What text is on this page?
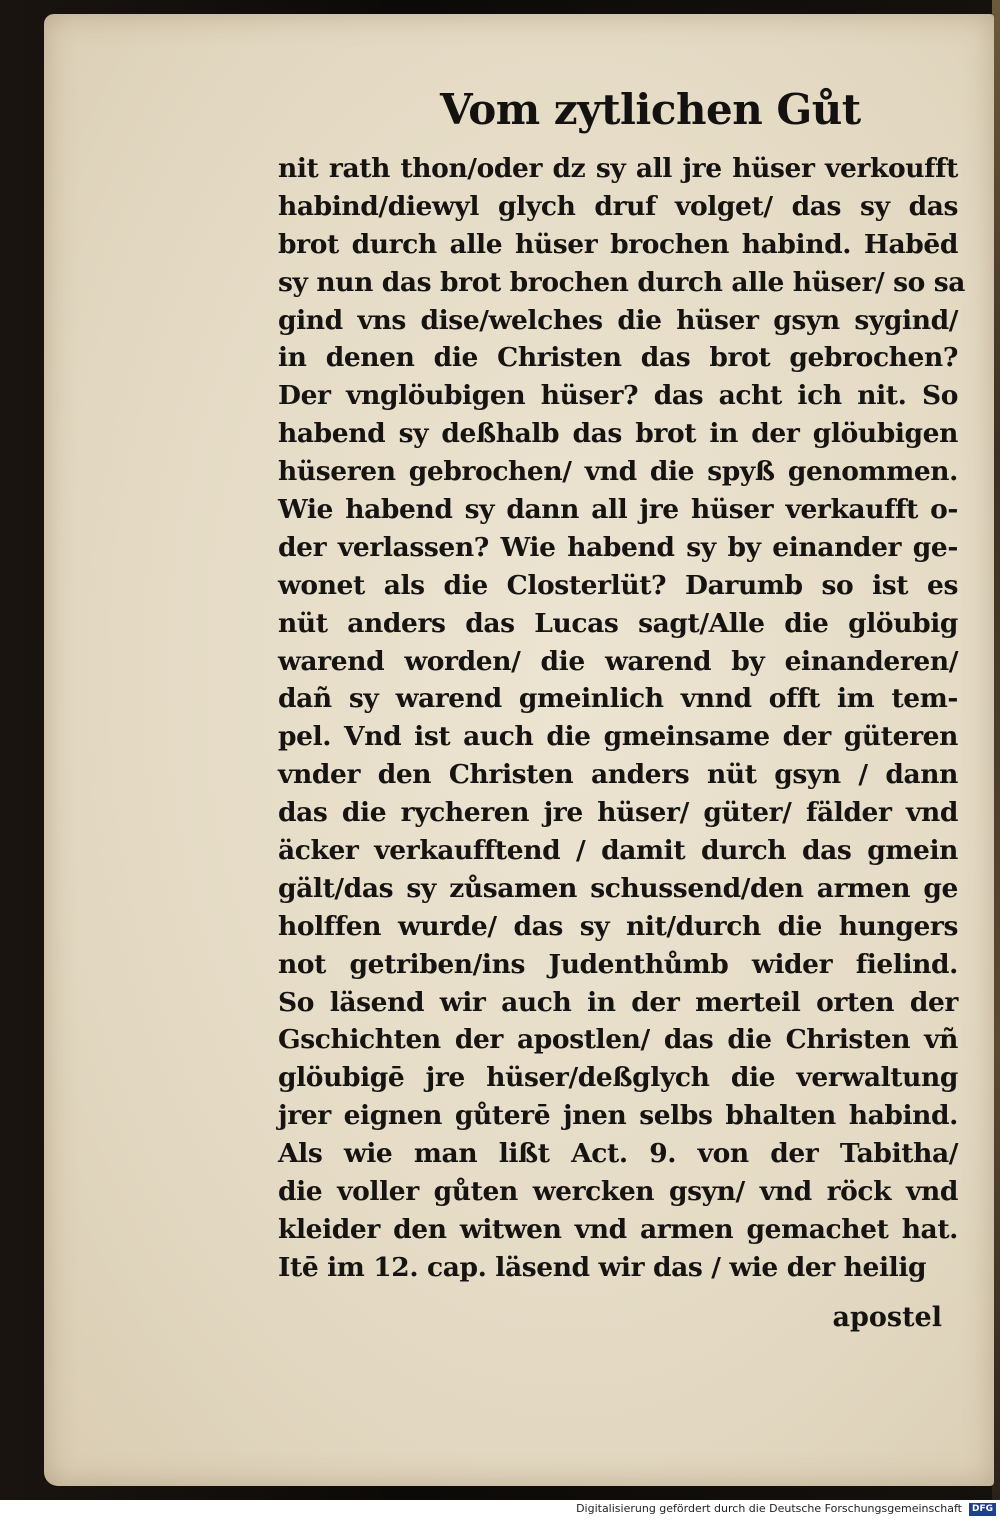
Vom zytlichen Gůt
nit rath thon/oder dz sy all jre hüser verkoufft
habind/diewyl glych druf volget/ das sy das
brot durch alle hüser brochen habind. Habēd
sy nun das brot brochen durch alle hüser/ so sa
gind vns dise/welches die hüser gsyn sygind/
in denen die Christen das brot gebrochen?
Der vnglöubigen hüser? das acht ich nit. So
habend sy deßhalb das brot in der glöubigen
hüseren gebrochen/ vnd die spyß genommen.
Wie habend sy dann all jre hüser verkaufft o-
der verlassen? Wie habend sy by einander ge-
wonet als die Closterlüt? Darumb so ist es
nüt anders das Lucas sagt/Alle die glöubig
warend worden/ die warend by einanderen/
dañ sy warend gmeinlich vnnd offt im tem-
pel. Vnd ist auch die gmeinsame der güteren
vnder den Christen anders nüt gsyn / dann
das die rycheren jre hüser/ güter/ fälder vnd
äcker verkaufftend / damit durch das gmein
gält/das sy zůsamen schussend/den armen ge
holffen wurde/ das sy nit/durch die hungers
not getriben/ins Judenthůmb wider fielind.
So läsend wir auch in der merteil orten der
Gschichten der apostlen/ das die Christen vñ
glöubigē jre hüser/deßglych die verwaltung
jrer eignen gůterē jnen selbs bhalten habind.
Als wie man lißt Act. 9. von der Tabitha/
die voller gůten wercken gsyn/ vnd röck vnd
kleider den witwen vnd armen gemachet hat.
Itē im 12. cap. läsend wir das / wie der heilig
apostel
Digitalisierung gefördert durch die Deutsche Forschungsgemeinschaft	DFG
